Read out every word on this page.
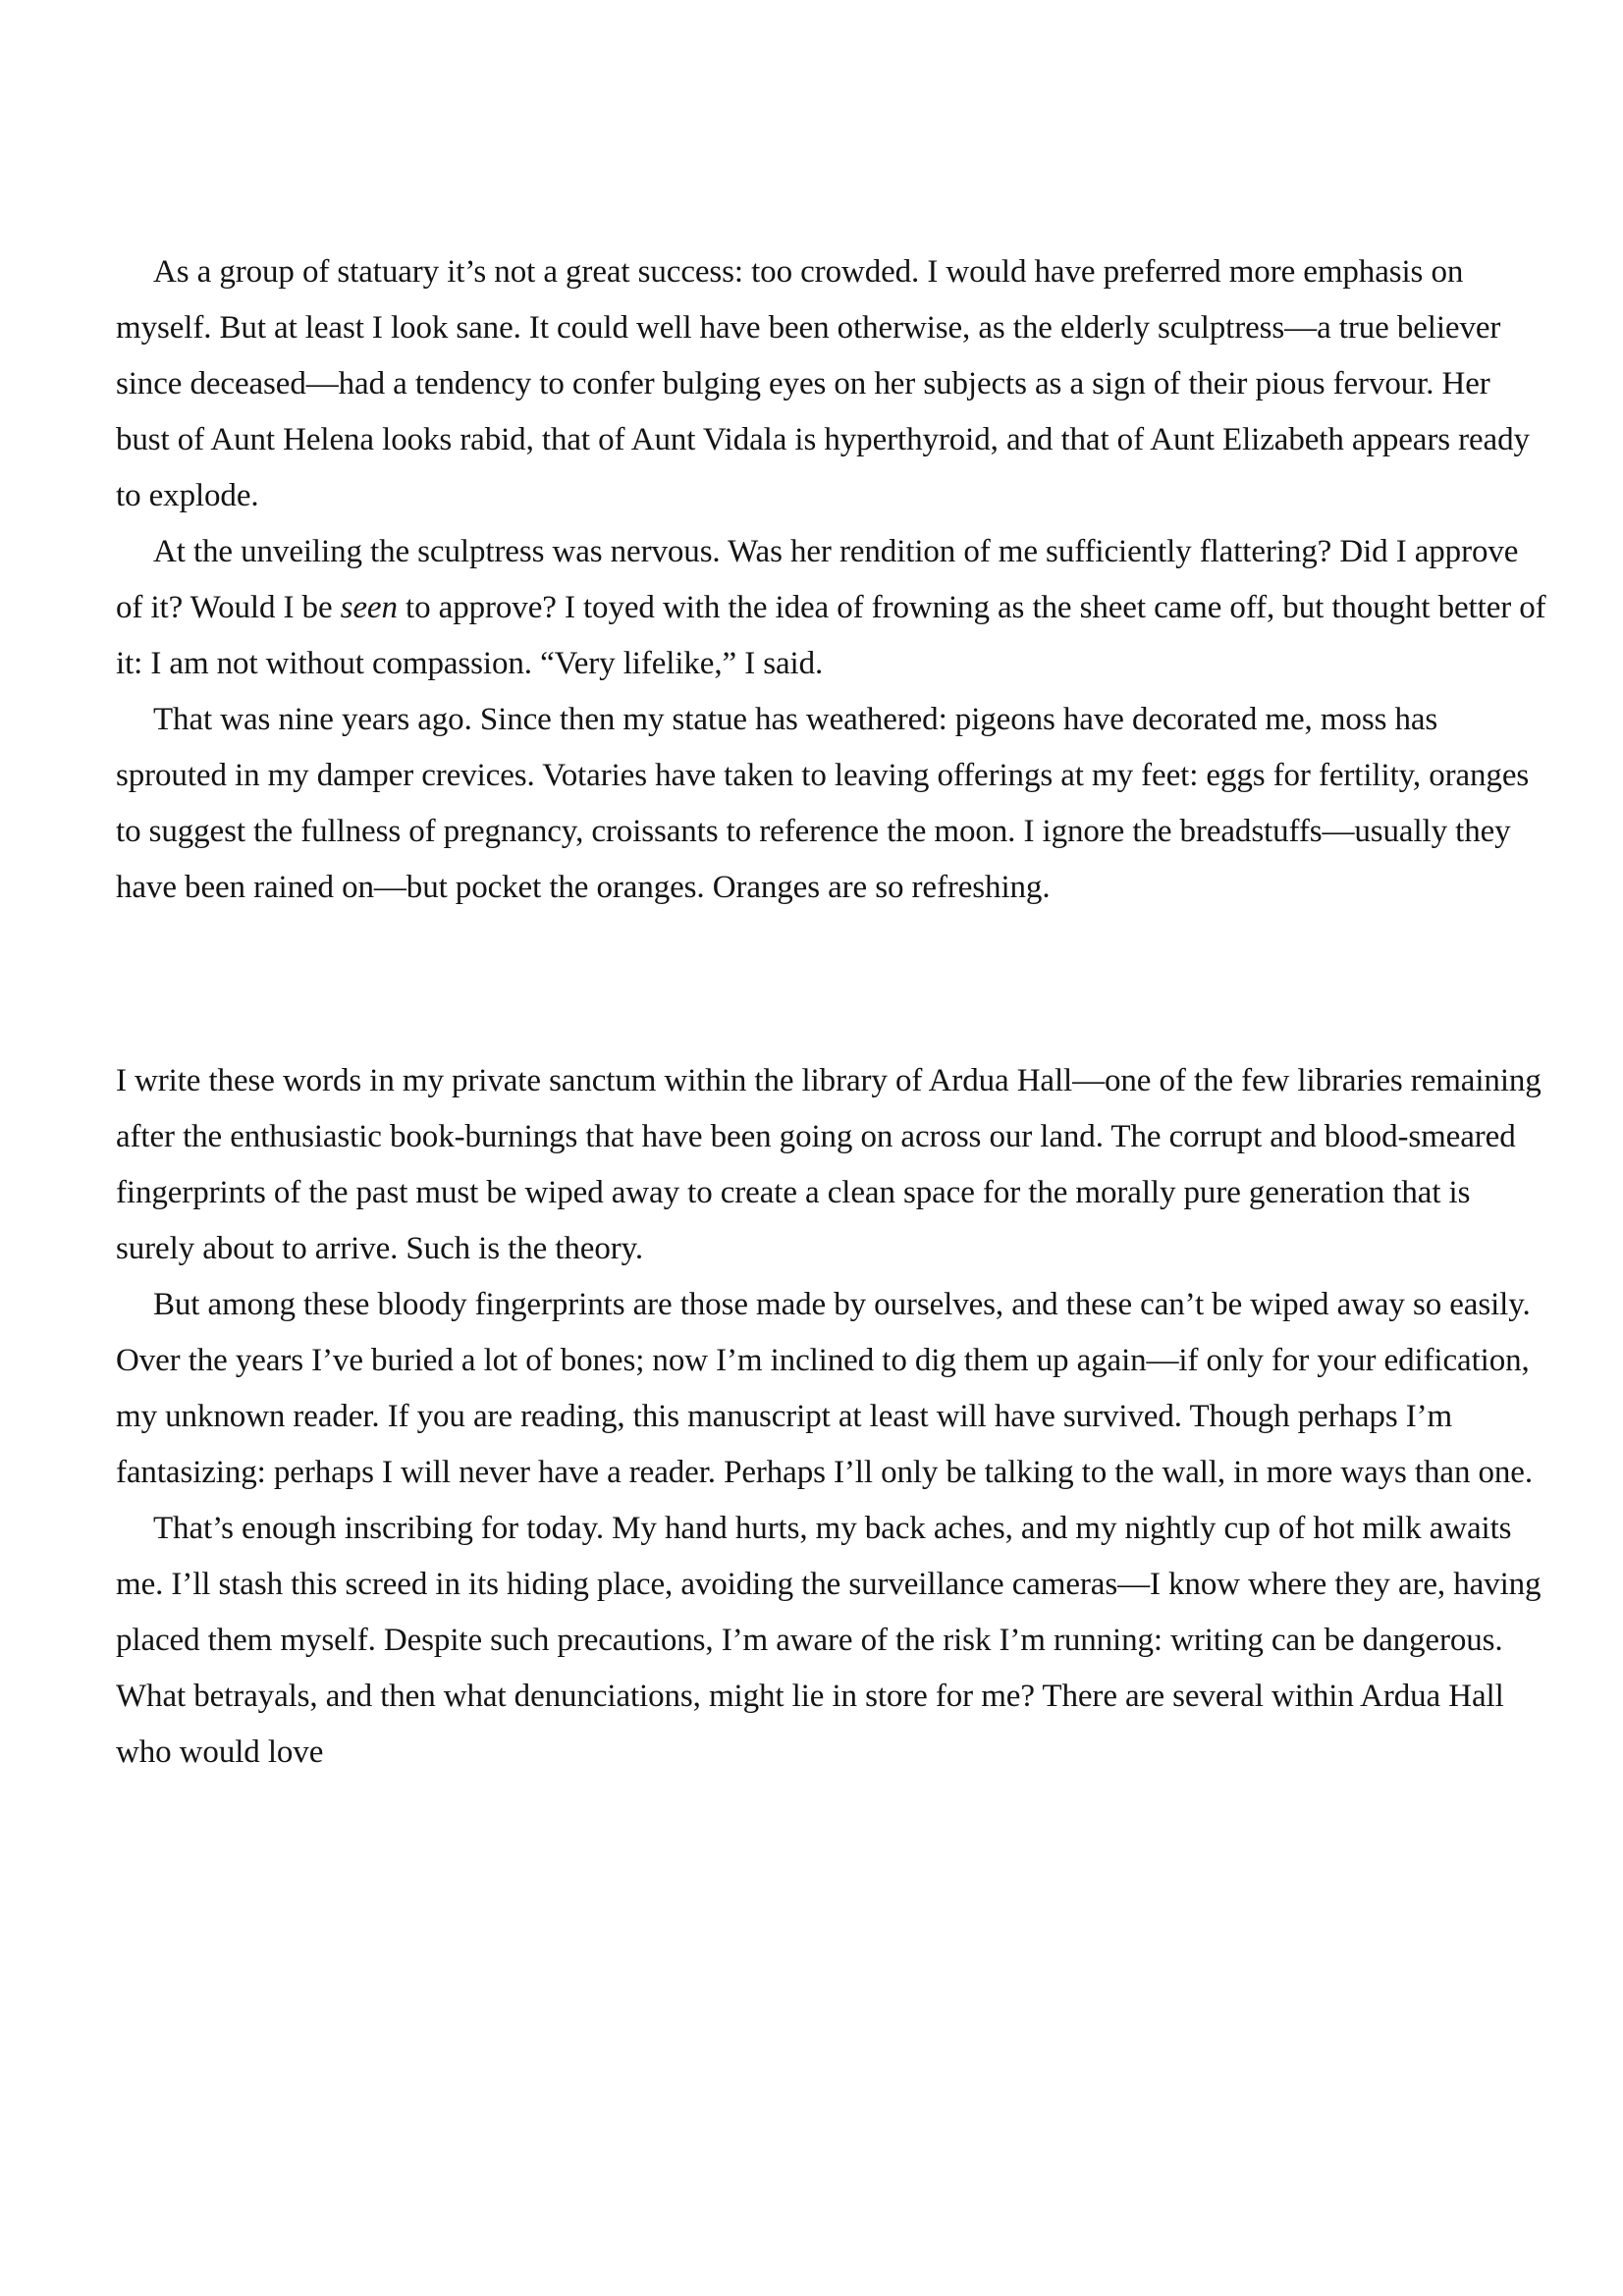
As a group of statuary it’s not a great success: too crowded. I would have preferred more emphasis on myself. But at least I look sane. It could well have been otherwise, as the elderly sculptress—a true believer since deceased—had a tendency to confer bulging eyes on her subjects as a sign of their pious fervour. Her bust of Aunt Helena looks rabid, that of Aunt Vidala is hyperthyroid, and that of Aunt Elizabeth appears ready to explode.

At the unveiling the sculptress was nervous. Was her rendition of me sufficiently flattering? Did I approve of it? Would I be seen to approve? I toyed with the idea of frowning as the sheet came off, but thought better of it: I am not without compassion. “Very lifelike,” I said.

That was nine years ago. Since then my statue has weathered: pigeons have decorated me, moss has sprouted in my damper crevices. Votaries have taken to leaving offerings at my feet: eggs for fertility, oranges to suggest the fullness of pregnancy, croissants to reference the moon. I ignore the breadstuffs—usually they have been rained on—but pocket the oranges. Oranges are so refreshing.

I write these words in my private sanctum within the library of Ardua Hall—one of the few libraries remaining after the enthusiastic book-burnings that have been going on across our land. The corrupt and blood-smeared fingerprints of the past must be wiped away to create a clean space for the morally pure generation that is surely about to arrive. Such is the theory.

But among these bloody fingerprints are those made by ourselves, and these can’t be wiped away so easily. Over the years I’ve buried a lot of bones; now I’m inclined to dig them up again—if only for your edification, my unknown reader. If you are reading, this manuscript at least will have survived. Though perhaps I’m fantasizing: perhaps I will never have a reader. Perhaps I’ll only be talking to the wall, in more ways than one.

That’s enough inscribing for today. My hand hurts, my back aches, and my nightly cup of hot milk awaits me. I’ll stash this screed in its hiding place, avoiding the surveillance cameras—I know where they are, having placed them myself. Despite such precautions, I’m aware of the risk I’m running: writing can be dangerous. What betrayals, and then what denunciations, might lie in store for me? There are several within Ardua Hall who would love
